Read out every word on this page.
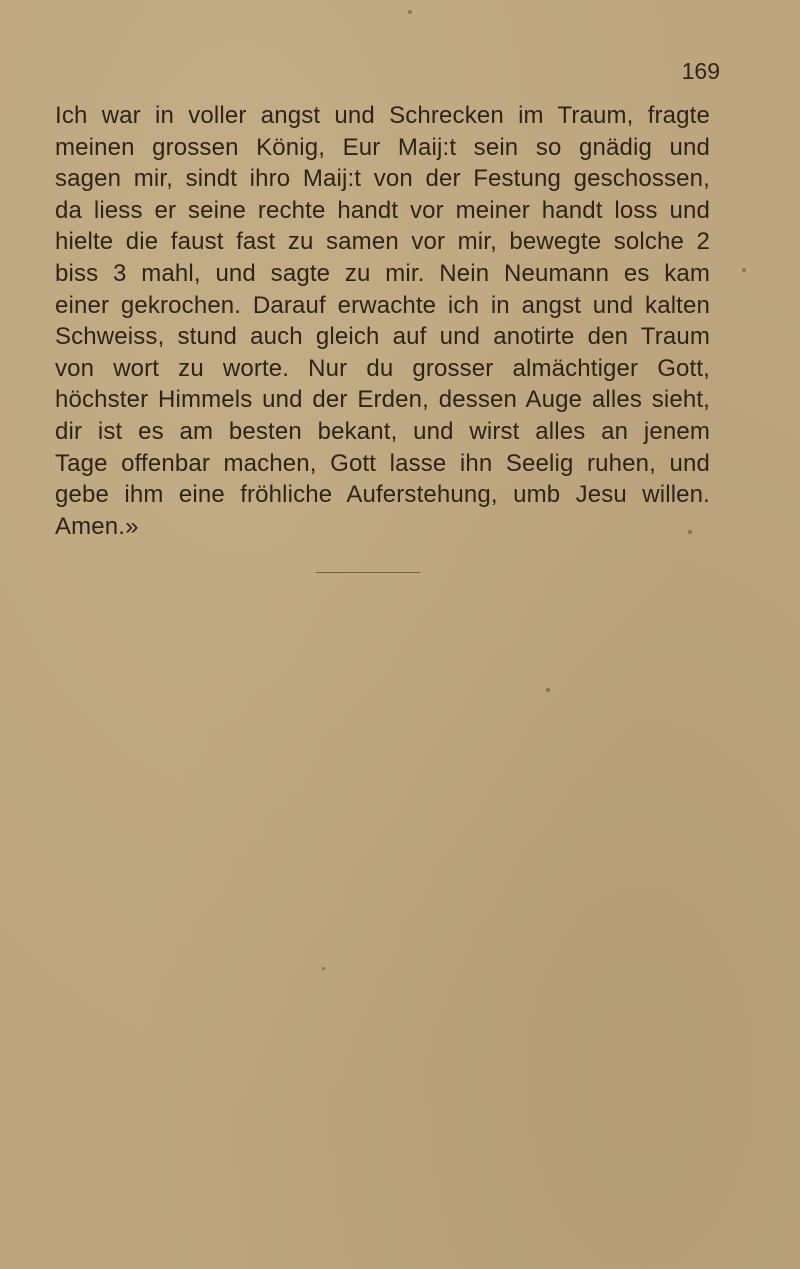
169
Ich war in voller angst und Schrecken im Traum, fragte
meinen grossen König, Eur Maij:t sein so gnädig und
sagen mir, sindt ihro Maij:t von der Festung geschossen,
da liess er seine rechte handt vor meiner handt loss und
hielte die faust fast zu samen vor mir, bewegte solche 2
biss 3 mahl, und sagte zu mir. Nein Neumann es kam
einer gekrochen. Darauf erwachte ich in angst und kalten
Schweiss, stund auch gleich auf und anotirte den Traum
von wort zu worte. Nur du grosser almächtiger Gott,
höchster Himmels und der Erden, dessen Auge alles sieht,
dir ist es am besten bekant, und wirst alles an jenem
Tage offenbar machen, Gott lasse ihn Seelig ruhen, und
gebe ihm eine fröhliche Auferstehung, umb Jesu willen.
Amen.»
